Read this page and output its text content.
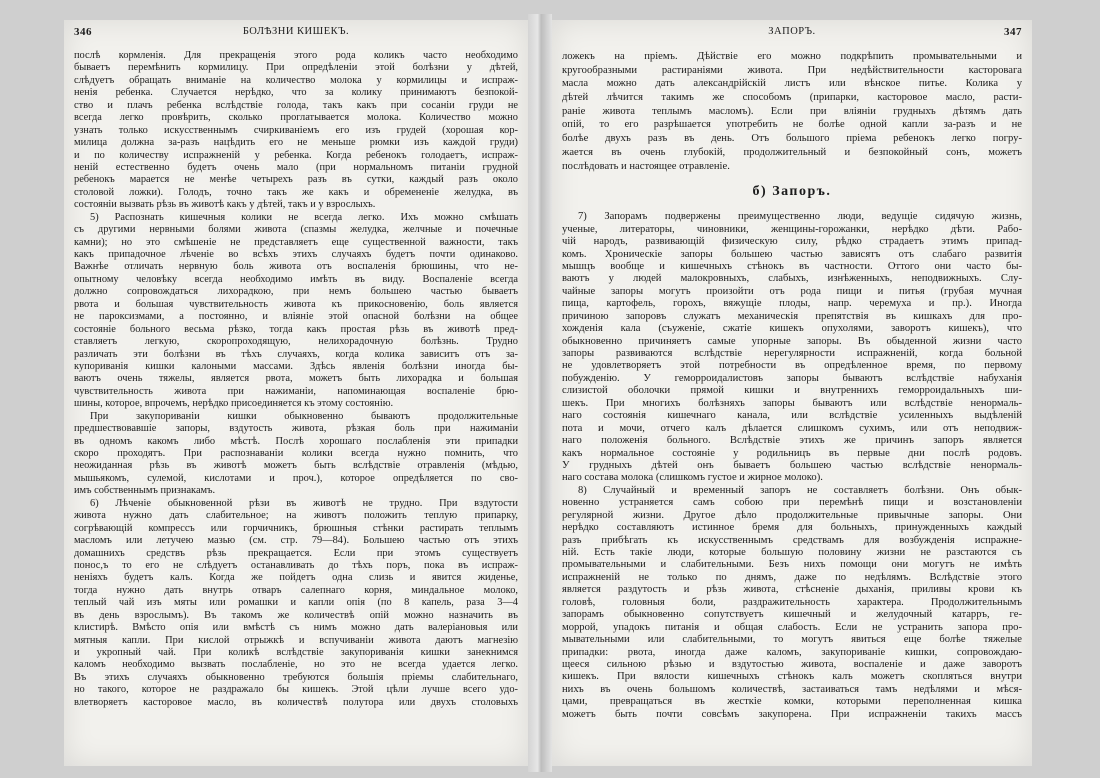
346	БОЛѢЗНИ КИШЕКЪ.
послѣ кормленія. Для прекращенія этого рода коликъ часто необходимо
бываетъ перемѣнить кормилицу. При опредѣленіи этой болѣзни у дѣтей,
слѣдуетъ обращать вниманіе на количество молока у кормилицы и испраж-
ненія ребенка. Случается нерѣдко, что за колику принимаютъ безпокой-
ство и плачъ ребенка вслѣдствіе голода, такъ какъ при сосаніи груди не
всегда легко провѣрить, сколько проглатывается молока. Количество можно
узнать только искусственнымъ счиркиваніемъ его изъ грудей (хорошая кор-
милица должна за-разъ нацѣдить его не меньше рюмки изъ каждой груди)
и по количеству испражненій у ребенка. Когда ребенокъ голодаетъ, испраж-
неній естественно будетъ очень мало (при нормальномъ питаніи грудной
ребенокъ марается не менѣе четырехъ разъ въ сутки, каждый разъ около
столовой ложки). Голодъ, точно такъ же какъ и обремененіе желудка, въ
состояніи вызвать рѣзь въ животѣ какъ у дѣтей, такъ и у взрослыхъ.
5) Распознать кишечныя колики не всегда легко. Ихъ можно смѣшать
съ другими нервными болями живота (спазмы желудка, желчные и почечные
камни); но это смѣшеніе не представляетъ еще существенной важности, такъ
какъ припадочное лѣченіе во всѣхъ этихъ случаяхъ будетъ почти одинаково.
Важнѣе отличать нервную боль живота отъ воспаленія брюшины, что не-
опытному человѣку всегда необходимо имѣть въ виду. Воспаленіе всегда
должно сопровождаться лихорадкою, при немъ большею частью бываетъ
рвота и большая чувствительность живота къ прикосновенію, боль является
не пароксизмами, а постоянно, и вліяніе этой опасной болѣзни на общее
состояніе больного весьма рѣзко, тогда какъ простая рѣзь въ животѣ пред-
ставляетъ легкую, скоропроходящую, нелихорадочную болѣзнь. Трудно
различать эти болѣзни въ тѣхъ случаяхъ, когда колика зависитъ отъ за-
купориванія кишки калоными массами. Здѣсь явленія болѣзни иногда бы-
ваютъ очень тяжелы, является рвота, можетъ быть лихорадка и большая
чувствительность живота при нажиманіи, напоминающая воспаленіе брю-
шины, которое, впрочемъ, нерѣдко присоединяется къ этому состоянію.
При закупориваніи кишки обыкновенно бываютъ продолжительные
предшествовавшіе запоры, вздутость живота, рѣзкая боль при нажиманіи
въ одномъ какомъ либо мѣстѣ. Послѣ хорошаго послабленія эти припадки
скоро проходятъ. При распознаваніи колики всегда нужно помнить, что
неожиданная рѣзь въ животѣ можетъ быть вслѣдствіе отравленія (мѣдью,
мышьякомъ, сулемой, кислотами и проч.), которое опредѣляется по сво-
имъ собственнымъ признакамъ.
6) Лѣченіе обыкновенной рѣзи въ животѣ не трудно. При вздутости
живота нужно дать слабительное; на животъ положить теплую припарку,
согрѣвающій компрессъ или горчичникъ, брюшныя стѣнки растирать теплымъ
масломъ или летучею мазью (см. стр. 79—84). Большею частью отъ этихъ
домашнихъ средствъ рѣзь прекращается. Если при этомъ существуетъ
понос,ъ то его не слѣдуетъ останавливать до тѣхъ поръ, пока въ испраж-
неніяхъ будетъ калъ. Когда же пойдетъ одна слизь и явится жиденье,
тогда нужно дать внутрь отваръ салепнаго корня, миндальное молоко,
теплый чай изъ мяты или ромашки и капли опія (по 8 капель, раза 3—4
въ день взрослымъ). Въ такомъ же количествѣ опій можно назначить въ
клистирѣ. Вмѣсто опія или вмѣстѣ съ нимъ можно дать валеріановыя или
мятныя капли. При кислой отрыжкѣ и вспучиваніи живота даютъ магнезію
и укропный чай. При коликѣ вслѣдствіе закупориванія кишки занекнимся
каломъ необходимо вызвать послабленіе, но это не всегда удается легко.
Въ этихъ случаяхъ обыкновенно требуются большія пріемы слабительнаго,
но такого, которое не раздражало бы кишекъ. Этой цѣли лучше всего удо-
влетворяетъ касторовое масло, въ количествѣ полутора или двухъ столовыхъ
ЗАПОРЪ.	347
ложекъ на пріемъ. Дѣйствіе его можно подкрѣпить промывательными и
кругообразными растираніями живота. При недѣйствительности касторовага
масла можно дать александрійскій листъ или вѣнское питье. Колика у
дѣтей лѣчится такимъ же способомъ (припарки, касторовое масло, расти-
раніе живота теплымъ масломъ). Если при вліяніи грудныхъ дѣтямъ дать
опій, то его разрѣшается употребить не болѣе одной капли за-разъ и не
болѣе двухъ разъ въ день. Отъ большого пріема ребенокъ легко погру-
жается въ очень глубокій, продолжительный и безпокойный сонъ, можетъ
послѣдовать и настоящее отравленіе.
б) Запоръ.
7) Запорамъ подвержены преимущественно люди, ведущіе сидячую жизнь,
ученые, литераторы, чиновники, женщины-горожанки, нерѣдко дѣти. Рабо-
чій народъ, развивающій физическую силу, рѣдко страдаетъ этимъ припад-
комъ. Хроническіе запоры большею частью зависятъ отъ слабаго развитія
мышцъ вообще и кишечныхъ стѣнокъ въ частности. Оттого они часто бы-
ваютъ у людей малокровныхъ, слабыхъ, изнѣженныхъ, неподвижныхъ. Слу-
чайные запоры могутъ произойти отъ рода пищи и питья (грубая мучная
пища, картофель, горохъ, вяжущіе плоды, напр. черемуха и пр.). Иногда
причиною запоровъ служатъ механическія препятствія въ кишкахъ для про-
хожденія кала (съуженіе, сжатіе кишекъ опухолями, заворотъ кишекъ), что
обыкновенно причиняетъ самые упорные запоры. Въ обыденной жизни часто
запоры развиваются вслѣдствіе нерегулярности испражненій, когда больной
не удовлетворяетъ этой потребности въ опредѣленное время, по первому
побужденію. У геморроидалистовъ запоры бываютъ вслѣдствіе набуханія
слизистой оболочки прямой кишки и внутреннихъ геморроидальныхъ ши-
шекъ. При многихъ болѣзняхъ запоры бываютъ или вслѣдствіе ненормаль-
наго состоянія кишечнаго канала, или вслѣдствіе усиленныхъ выдѣленій
пота и мочи, отчего калъ дѣлается слишкомъ сухимъ, или отъ неподвиж-
наго положенія больного. Вслѣдствіе этихъ же причинъ запоръ является
какъ нормальное состояніе у родильницъ въ первые дни послѣ родовъ.
У грудныхъ дѣтей онъ бываетъ большею частью вслѣдствіе ненормаль-
наго состава молока (слишкомъ густое и жирное молоко).
8) Случайный и временный запоръ не составляетъ болѣзни. Онъ обык-
новенно устраняется самъ собою при перемѣнѣ пищи и возстановленіи
регулярной жизни. Другое дѣло продолжительные привычные запоры. Они
нерѣдко составляютъ истинное бремя для больныхъ, принужденныхъ каждый
разъ прибѣгать къ искусственнымъ средствамъ для возбужденія испражне-
ній. Есть такіе люди, которые большую половину жизни не разстаются съ
промывательными и слабительными. Безъ нихъ помощи они могутъ не имѣть
испражненій не только по днямъ, даже по недѣлямъ. Вслѣдствіе этого
является раздутость и рѣзь живота, стѣсненіе дыханія, приливы крови къ
головѣ, головныя боли, раздражительность характера. Продолжительнымъ
запорамъ обыкновенно сопутствуетъ кишечный и желудочный катарръ, ге-
моррой, упадокъ питанія и общая слабость. Если не устранить запора про-
мывательными или слабительными, то могутъ явиться еще болѣе тяжелые
припадки: рвота, иногда даже каломъ, закупориваніе кишки, сопровождаю-
щееся сильною рѣзью и вздутостью живота, воспаленіе и даже заворотъ
кишекъ. При вялости кишечныхъ стѣнокъ калъ можетъ скопляться внутри
нихъ въ очень большомъ количествѣ, застаиваться тамъ недѣлями и мѣся-
цами, превращаться въ жесткіе комки, которыми переполненная кишка
можетъ быть почти совсѣмъ закупорена. При испражненіи такихъ массъ
